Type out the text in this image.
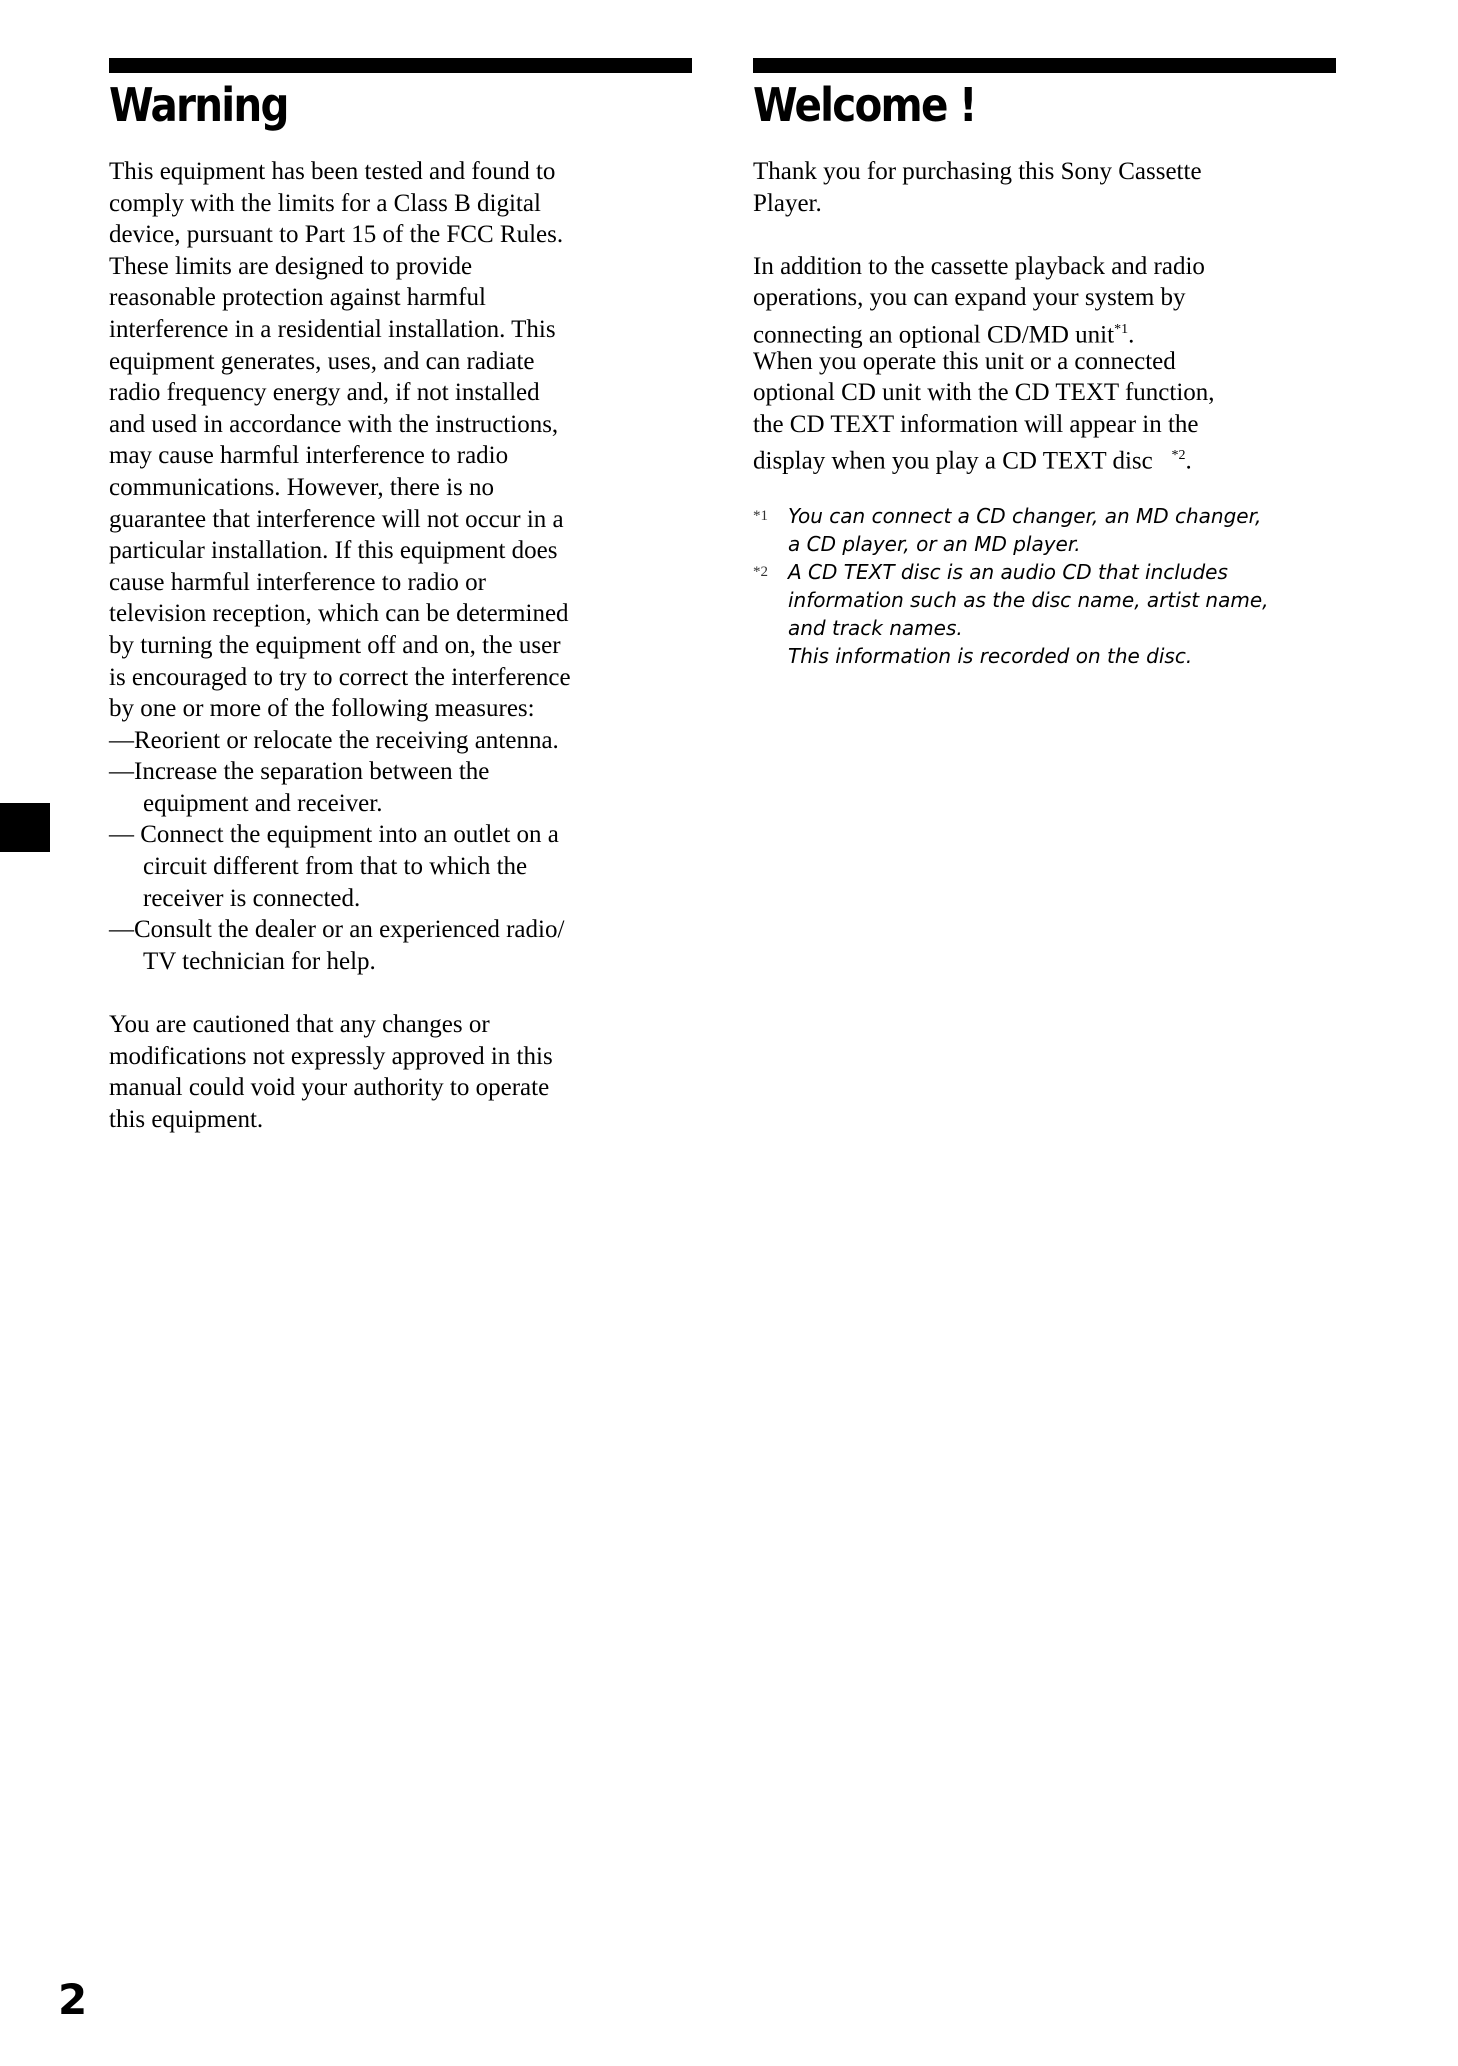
Warning	Welcome !
This equipment has been tested and found to
comply with the limits for a Class B digital
device, pursuant to Part 15 of the FCC Rules.
These limits are designed to provide
reasonable protection against harmful
interference in a residential installation. This
equipment generates, uses, and can radiate
radio frequency energy and, if not installed
and used in accordance with the instructions,
may cause harmful interference to radio
communications. However, there is no
guarantee that interference will not occur in a
particular installation. If this equipment does
cause harmful interference to radio or
television reception, which can be determined
by turning the equipment off and on, the user
is encouraged to try to correct the interference
by one or more of the following measures:
—Reorient or relocate the receiving antenna.
—Increase the separation between the
equipment and receiver.
— Connect the equipment into an outlet on a
circuit different from that to which the
receiver is connected.
—Consult the dealer or an experienced radio/
TV technician for help.
You are cautioned that any changes or
modifications not expressly approved in this
manual could void your authority to operate
this equipment.
Thank you for purchasing this Sony Cassette
Player.
In addition to the cassette playback and radio
operations, you can expand your system by
connecting an optional CD/MD unit$^{*1}$.
When you operate this unit or a connected
optional CD unit with the CD TEXT function,
the CD TEXT information will appear in the
display when you play a CD TEXT disc $^{*2}$.
*1	You can connect a CD changer, an MD changer,
a CD player, or an MD player.
*2	A CD TEXT disc is an audio CD that includes
information such as the disc name, artist name,
and track names.
This information is recorded on the disc.
2
